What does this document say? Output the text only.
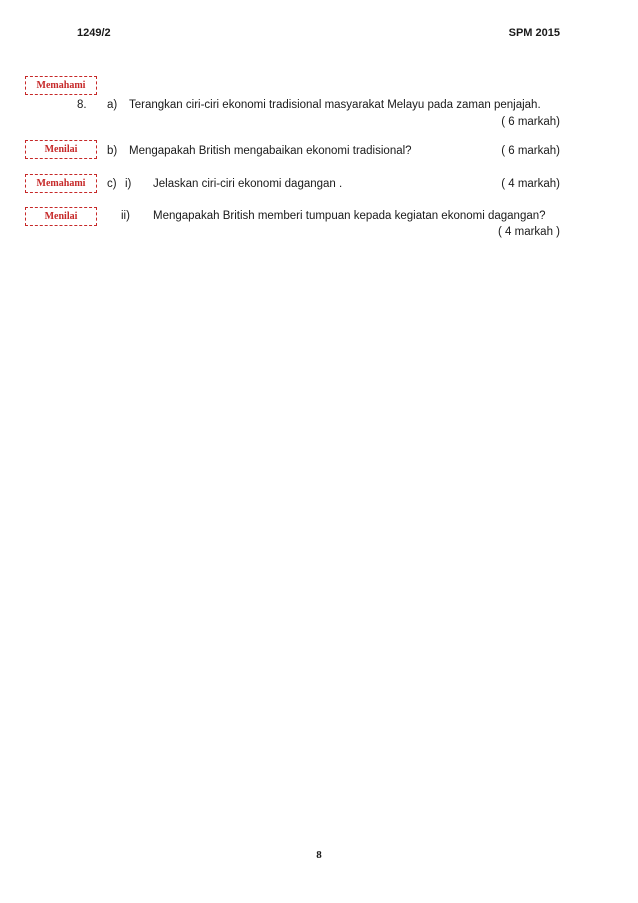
1249/2	SPM 2015
Memahami
Menilai
Memahami
Menilai
8. a) Terangkan ciri-ciri ekonomi tradisional masyarakat Melayu pada zaman penjajah.
( 6 markah)
b) Mengapakah British mengabaikan ekonomi tradisional?	( 6 markah)
c) i) Jelaskan ciri-ciri ekonomi dagangan .	( 4 markah)
ii) Mengapakah British memberi tumpuan kepada kegiatan ekonomi dagangan?
( 4 markah )
8
